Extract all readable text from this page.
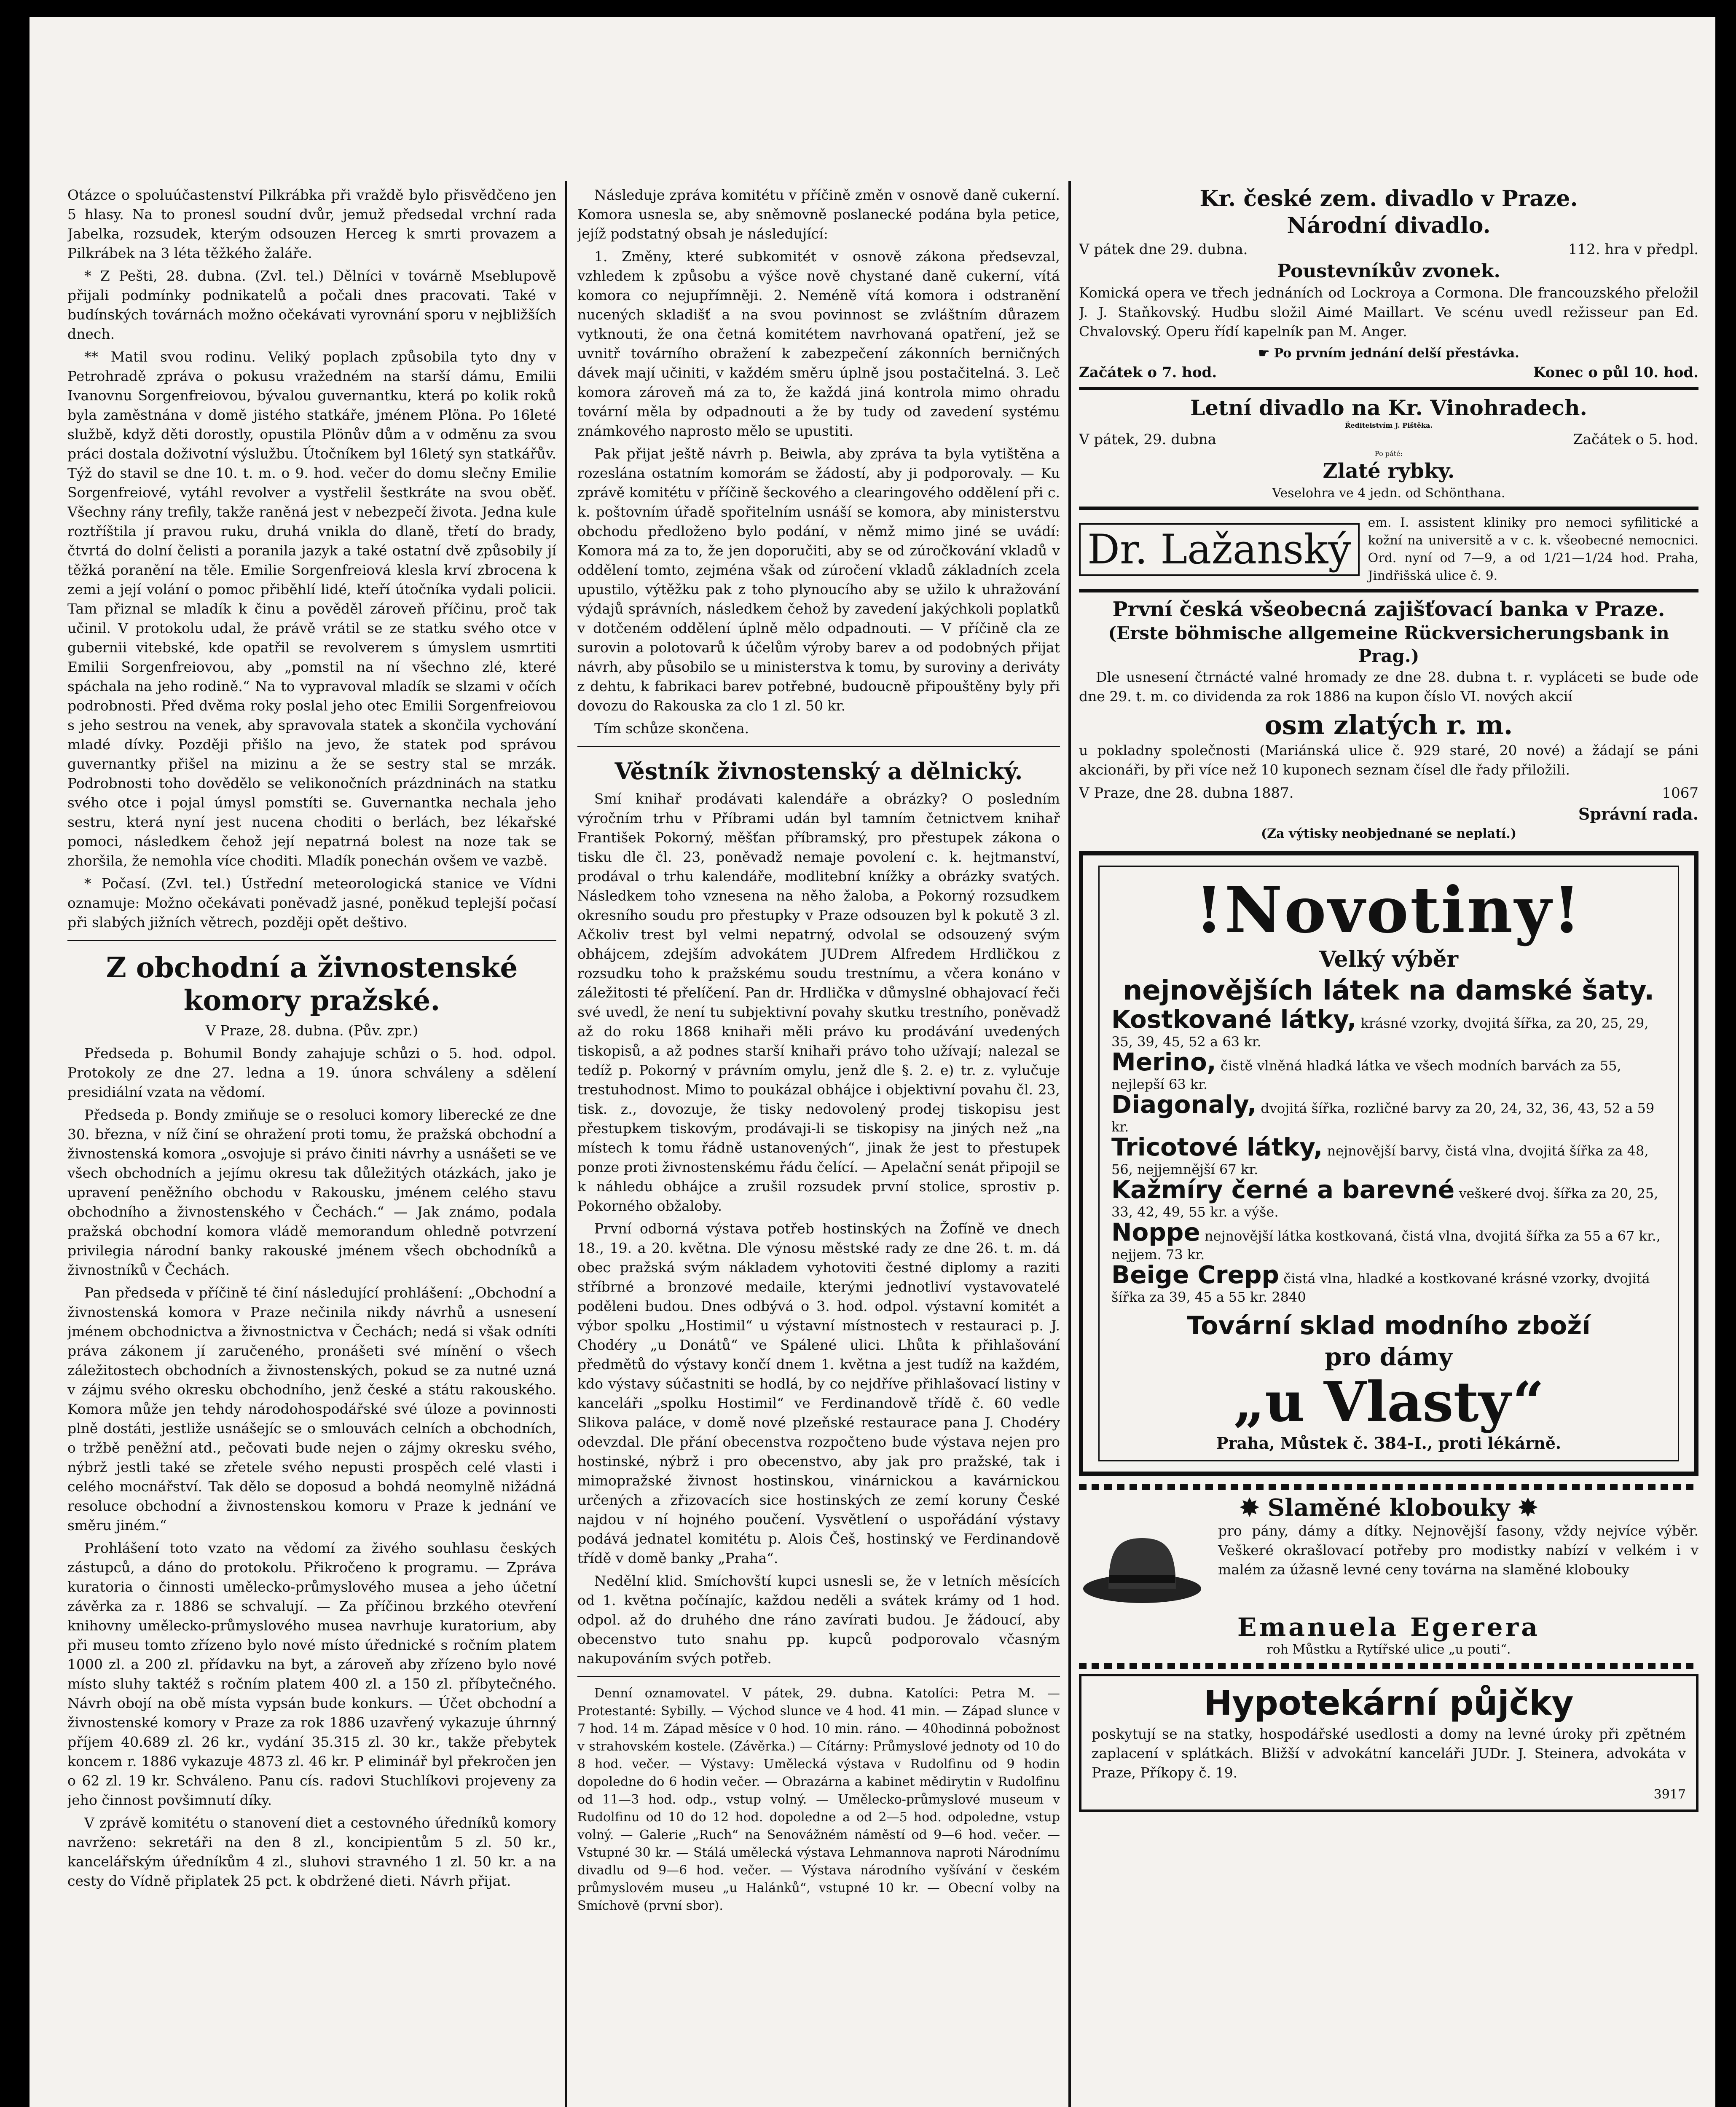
Otázce o spoluúčastenství Pilkrábka při vraždě bylo přisvědčeno jen 5 hlasy. Na to pronesl soudní dvůr, jemuž předsedal vrchní rada Jabelka, rozsudek, kterým odsouzen Herceg k smrti provazem a Pilkrábek na 3 léta těžkého žaláře.

* Z Pešti, 28. dubna. (Zvl. tel.) Dělníci v továrně Mseblupově přijali podmínky podnikatelů a počali dnes pracovati. Také v budínských továrnách možno očekávati vyrovnání sporu v nejbližších dnech.

** Matil svou rodinu. Veliký poplach způsobila tyto dny v Petrohradě zpráva o pokusu vražedném na starší dámu, Emilii Ivanovnu Sorgenfreiovou, bývalou guvernantku, která po kolik roků byla zaměstnána v domě jistého statkáře, jménem Plöna. Po 16leté službě, když děti dorostly, opustila Plönův dům a v odměnu za svou práci dostala doživotní výslužbu. Útočníkem byl 16letý syn statkářův. Týž do stavil se dne 10. t. m. o 9. hod. večer do domu slečny Emilie Sorgenfreiové, vytáhl revolver a vystřelil šestkráte na svou oběť. Všechny rány trefily, takže raněná jest v nebezpečí života. Jedna kule roztříštila jí pravou ruku, druhá vnikla do dlaně, třetí do brady, čtvrtá do dolní čelisti a poranila jazyk a také ostatní dvě způsobily jí těžká poranění na těle. Emilie Sorgenfreiová klesla krví zbrocena k zemi a její volání o pomoc přiběhlí lidé, kteří útočníka vydali policii. Tam přiznal se mladík k činu a pověděl zároveň příčinu, proč tak učinil. V protokolu udal, že právě vrátil se ze statku svého otce v gubernii vitebské, kde opatřil se revolverem s úmyslem usmrtiti Emilii Sorgenfreiovou, aby „pomstil na ní všechno zlé, které spáchala na jeho rodině.“ Na to vypravoval mladík se slzami v očích podrobnosti. Před dvěma roky poslal jeho otec Emilii Sorgenfreiovou s jeho sestrou na venek, aby spravovala statek a skončila vychování mladé dívky. Později přišlo na jevo, že statek pod správou guvernantky přišel na mizinu a že se sestry stal se mrzák. Podrobnosti toho dovědělo se velikonočních prázdninách na statku svého otce i pojal úmysl pomstíti se. Guvernantka nechala jeho sestru, která nyní jest nucena choditi o berlách, bez lékařské pomoci, následkem čehož její nepatrná bolest na noze tak se zhoršila, že nemohla více choditi. Mladík ponechán ovšem ve vazbě.

* Počasí. (Zvl. tel.) Ústřední meteorologická stanice ve Vídni oznamuje: Možno očekávati poněvadž jasné, poněkud teplejší počasí při slabých jižních větrech, později opět deštivo.

Z obchodní a živnostenské komory pražské.
V Praze, 28. dubna. (Pův. zpr.)

Předseda p. Bohumil Bondy zahajuje schůzi o 5. hod. odpol. Protokoly ze dne 27. ledna a 19. února schváleny a sdělení presidiální vzata na vědomí.

Předseda p. Bondy zmiňuje se o resoluci komory liberecké ze dne 30. března, v níž činí se ohražení proti tomu, že pražská obchodní a živnostenská komora „osvojuje si právo činiti návrhy a usnášeti se ve všech obchodních a jejímu okresu tak důležitých otázkách, jako je upravení peněžního obchodu v Rakousku, jménem celého stavu obchodního a živnostenského v Čechách.“ — Jak známo, podala pražská obchodní komora vládě memorandum ohledně potvrzení privilegia národní banky rakouské jménem všech obchodníků a živnostníků v Čechách.

Pan předseda v příčině té činí následující prohlášení: „Obchodní a živnostenská komora v Praze nečinila nikdy návrhů a usnesení jménem obchodnictva a živnostnictva v Čechách; nedá si však odníti práva zákonem jí zaručeného, pronášeti své mínění o všech záležitostech obchodních a živnostenských, pokud se za nutné uzná v zájmu svého okresku obchodního, jenž české a státu rakouského. Komora může jen tehdy národohospodářské své úloze a povinnosti plně dostáti, jestliže usnášejíc se o smlouvách celních a obchodních, o tržbě peněžní atd., pečovati bude nejen o zájmy okresku svého, nýbrž jestli také se zřetele svého nepusti prospěch celé vlasti i celého mocnářství. Tak dělo se doposud a bohdá neomylně nižádná resoluce obchodní a živnostenskou komoru v Praze k jednání ve směru jiném.“

Prohlášení toto vzato na vědomí za živého souhlasu českých zástupců, a dáno do protokolu. Přikročeno k programu. — Zpráva kuratoria o činnosti umělecko-průmyslového musea a jeho účetní závěrka za r. 1886 se schvalují. — Za příčinou brzkého otevření knihovny umělecko-průmyslového musea navrhuje kuratorium, aby při museu tomto zřízeno bylo nové místo úřednické s ročním platem 1000 zl. a 200 zl. přídavku na byt, a zároveň aby zřízeno bylo nové místo sluhy taktéž s ročním platem 400 zl. a 150 zl. příbytečného. Návrh obojí na obě místa vypsán bude konkurs. — Účet obchodní a živnostenské komory v Praze za rok 1886 uzavřený vykazuje úhrnný příjem 40.689 zl. 26 kr., vydání 35.315 zl. 30 kr., takže přebytek koncem r. 1886 vykazuje 4873 zl. 46 kr. P eliminář byl překročen jen o 62 zl. 19 kr. Schváleno. Panu cís. radovi Stuchlíkovi projeveny za jeho činnost povšimnutí díky.

V zprávě komitétu o stanovení diet a cestovného úředníků komory navrženo: sekretáři na den 8 zl., koncipientům 5 zl. 50 kr., kancelářským úředníkům 4 zl., sluhovi stravného 1 zl. 50 kr. a na cesty do Vídně připlatek 25 pct. k obdržené dieti. Návrh přijat.

Následuje zpráva komitétu v příčině změn v osnově daně cukerní. Komora usnesla se, aby sněmovně poslanecké podána byla petice, jejíž podstatný obsah je následující:

1. Změny, které subkomitét v osnově zákona předsevzal, vzhledem k způsobu a výšce nově chystané daně cukerní, vítá komora co nejupřímněji. 2. Neméně vítá komora i odstranění nucených skladišť a na svou povinnost se zvláštním důrazem vytknouti, že ona četná komitétem navrhovaná opatření, jež se uvnitř továrního obražení k zabezpečení zákonních berničných dávek mají učiniti, v každém směru úplně jsou postačitelná. 3. Leč komora zároveň má za to, že každá jiná kontrola mimo ohradu tovární měla by odpadnouti a že by tudy od zavedení systému známkového naprosto mělo se upustiti.

Pak přijat ještě návrh p. Beiwla, aby zpráva ta byla vytištěna a rozeslána ostatním komorám se žádostí, aby ji podporovaly. — Ku zprávě komitétu v příčině šeckového a clearingového oddělení při c. k. poštovním úřadě spořitelním usnáší se komora, aby ministerstvu obchodu předloženo bylo podání, v němž mimo jiné se uvádí: Komora má za to, že jen doporučiti, aby se od zúročkování vkladů v oddělení tomto, zejména však od zúročení vkladů základních zcela upustilo, výtěžku pak z toho plynoucího aby se užilo k uhražování výdajů správních, následkem čehož by zavedení jakýchkoli poplatků v dotčeném oddělení úplně mělo odpadnouti. — V příčině cla ze surovin a polotovarů k účelům výroby barev a od podobných přijat návrh, aby působilo se u ministerstva k tomu, by suroviny a deriváty z dehtu, k fabrikaci barev potřebné, budoucně připouštěny byly při dovozu do Rakouska za clo 1 zl. 50 kr.

Tím schůze skončena.

Věstník živnostenský a dělnický.

Smí knihař prodávati kalendáře a obrázky? O posledním výročním trhu v Příbrami udán byl tamním četnictvem knihař František Pokorný, měšťan příbramský, pro přestupek zákona o tisku dle čl. 23, poněvadž nemaje povolení c. k. hejtmanství, prodával o trhu kalendáře, modlitební knížky a obrázky svatých. Následkem toho vznesena na něho žaloba, a Pokorný rozsudkem okresního soudu pro přestupky v Praze odsouzen byl k pokutě 3 zl. Ačkoliv trest byl velmi nepatrný, odvolal se odsouzený svým obhájcem, zdejším advokátem JUDrem Alfredem Hrdličkou z rozsudku toho k pražskému soudu trestnímu, a včera konáno v záležitosti té přelíčení. Pan dr. Hrdlička v důmyslné obhajovací řeči své uvedl, že není tu subjektivní povahy skutku trestního, poněvadž až do roku 1868 knihaři měli právo ku prodávání uvedených tiskopisů, a až podnes starší knihaři právo toho užívají; nalezal se tedíž p. Pokorný v právním omylu, jenž dle §. 2. e) tr. z. vylučuje trestuhodnost. Mimo to poukázal obhájce i objektivní povahu čl. 23, tisk. z., dovozuje, že tisky nedovolený prodej tiskopisu jest přestupkem tiskovým, prodávaji-li se tiskopisy na jiných než „na místech k tomu řádně ustanovených“, jinak že jest to přestupek ponze proti živnostenskému řádu čelící. — Apelační senát připojil se k náhledu obhájce a zrušil rozsudek první stolice, sprostiv p. Pokorného obžaloby.

První odborná výstava potřeb hostinských na Žofíně ve dnech 18., 19. a 20. května. Dle výnosu městské rady ze dne 26. t. m. dá obec pražská svým nákladem vyhotoviti čestné diplomy a raziti stříbrné a bronzové medaile, kterými jednotliví vystavovatelé poděleni budou. Dnes odbývá o 3. hod. odpol. výstavní komitét a výbor spolku „Hostimil“ u výstavní místnostech v restauraci p. J. Chodéry „u Donátů“ ve Spálené ulici. Lhůta k přihlašování předmětů do výstavy končí dnem 1. května a jest tudíž na každém, kdo výstavy súčastniti se hodlá, by co nejdříve přihlašovací listiny v kanceláři „spolku Hostimil“ ve Ferdinandově třídě č. 60 vedle Slikova paláce, v domě nové plzeňské restaurace pana J. Chodéry odevzdal. Dle přání obecenstva rozpočteno bude výstava nejen pro hostinské, nýbrž i pro obecenstvo, aby jak pro pražské, tak i mimopražské živnost hostinskou, vinárnickou a kavárnickou určených a zřizovacích sice hostinských ze zemí koruny České najdou v ní hojného poučení. Vysvětlení o uspořádání výstavy podává jednatel komitétu p. Alois Češ, hostinský ve Ferdinandově třídě v domě banky „Praha“.

Nedělní klid. Smíchovští kupci usnesli se, že v letních měsících od 1. května počínajíc, každou neděli a svátek krámy od 1 hod. odpol. až do druhého dne ráno zavírati budou. Je žádoucí, aby obecenstvo tuto snahu pp. kupců podporovalo včasným nakupováním svých potřeb.

Denní oznamovatel. V pátek, 29. dubna. Katolíci: Petra M. — Protestanté: Sybilly. — Východ slunce ve 4 hod. 41 min. — Západ slunce v 7 hod. 14 m. Západ měsíce v 0 hod. 10 min. ráno. — 40hodinná pobožnost v strahovském kostele. (Závěrka.) — Cítárny: Průmyslové jednoty od 10 do 8 hod. večer. — Výstavy: Umělecká výstava v Rudolfinu od 9 hodin dopoledne do 6 hodin večer. — Obrazárna a kabinet mědirytin v Rudolfinu od 11—3 hod. odp., vstup volný. — Umělecko-průmyslové museum v Rudolfinu od 10 do 12 hod. dopoledne a od 2—5 hod. odpoledne, vstup volný. — Galerie „Ruch“ na Senovážném náměstí od 9—6 hod. večer. — Vstupné 30 kr. — Stálá umělecká výstava Lehmannova naproti Národnímu divadlu od 9—6 hod. večer. — Výstava národního vyšívání v českém průmyslovém museu „u Halánků“, vstupné 10 kr. — Obecní volby na Smíchově (první sbor).

Kr. české zem. divadlo v Praze.
Národní divadlo.
V pátek dne 29. dubna.	112. hra v předpl.
Poustevníkův zvonek.

Komická opera ve třech jednáních od Lockroya a Cormona. Dle francouzského přeložil J. J. Staňkovský. Hudbu složil Aimé Maillart. Ve scénu uvedl režisseur pan Ed. Chvalovský. Operu řídí kapelník pan M. Anger.

☛ Po prvním jednání delší přestávka.
Začátek o 7. hod.	Konec o půl 10. hod.
Letní divadlo na Kr. Vinohradech.
Ředitelstvím J. Pištěka.
V pátek, 29. dubna	Začátek o 5. hod.
Po páté:
Zlaté rybky.
Veselohra ve 4 jedn. od Schönthana.
Dr. Lažanský
em. I. assistent kliniky pro nemoci syfilitické a kožní na universitě a v c. k. všeobecné nemocnici. Ord. nyní od 7—9, a od 1/21—1/24 hod. Praha, Jindřišská ulice č. 9.
První česká všeobecná zajišťovací banka v Praze.
(Erste böhmische allgemeine Rückversicherungsbank in Prag.)

Dle usnesení čtrnácté valné hromady ze dne 28. dubna t. r. vypláceti se bude ode dne 29. t. m. co dividenda za rok 1886 na kupon číslo VI. nových akcií

osm zlatých r. m.

u pokladny společnosti (Mariánská ulice č. 929 staré, 20 nové) a žádají se páni akcionáři, by při více než 10 kuponech seznam čísel dle řady přiložili.

V Praze, dne 28. dubna 1887.	1067
Správní rada.
(Za výtisky neobjednané se neplatí.)
!Novotiny!
Velký výběr
nejnovějších látek na damské šaty.
Kostkované látky, krásné vzorky, dvojitá šířka, za 20, 25, 29, 35, 39, 45, 52 a 63 kr.
Merino, čistě vlněná hladká látka ve všech modních barvách za 55, nejlepší 63 kr.
Diagonaly, dvojitá šířka, rozličné barvy za 20, 24, 32, 36, 43, 52 a 59 kr.
Tricotové látky, nejnovější barvy, čistá vlna, dvojitá šířka za 48, 56, nejjemnější 67 kr.
Kažmíry černé a barevné veškeré dvoj. šířka za 20, 25, 33, 42, 49, 55 kr. a výše.
Noppe nejnovější látka kostkovaná, čistá vlna, dvojitá šířka za 55 a 67 kr., nejjem. 73 kr.
Beige Crepp čistá vlna, hladké a kostkované krásné vzorky, dvojitá šířka za 39, 45 a 55 kr. 2840
Tovární sklad modního zboží
pro dámy
„u Vlasty“
Praha, Můstek č. 384-I., proti lékárně.
✸ Slaměné klobouky ✸

pro pány, dámy a dítky. Nejnovější fasony, vždy nejvíce výběr. Veškeré okrašlovací potřeby pro modistky nabízí v velkém i v malém za úžasně levné ceny továrna na slaměné klobouky

Emanuela Egerera
roh Můstku a Rytířské ulice „u pouti“.
Hypotekární půjčky

poskytují se na statky, hospodářské usedlosti a domy na levné úroky při zpětném zaplacení v splátkách. Bližší v advokátní kanceláři JUDr. J. Steinera, advokáta v Praze, Příkopy č. 19.

3917
